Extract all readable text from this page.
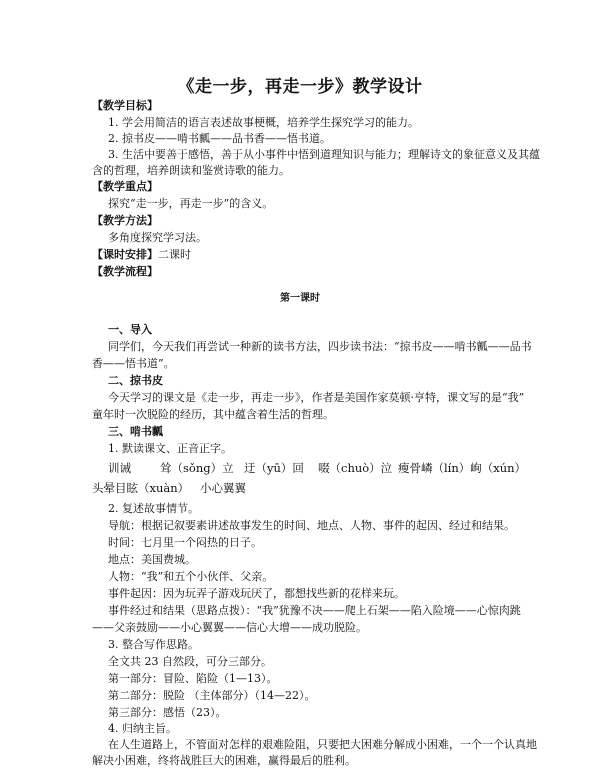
《走一步，再走一步》教学设计
【教学目标】
1. 学会用简洁的语言表述故事梗概，培养学生探究学习的能力。
2. 掠书皮——啃书瓤——品书香——悟书道。
3. 生活中要善于感悟，善于从小事件中悟到道理知识与能力；理解诗文的象征意义及其蕴
含的哲理，培养朗读和鉴赏诗歌的能力。
【教学重点】
探究“走一步，再走一步”的含义。
【教学方法】
多角度探究学习法。
【课时安排】二课时
【教学流程】
第一课时
一、导入
同学们，今天我们再尝试一种新的读书方法，四步读书法：“掠书皮——啃书瓤——品书
香——悟书道”。
二、掠书皮
今天学习的课文是《走一步，再走一步》，作者是美国作家莫顿·亨特，课文写的是“我”
童年时一次脱险的经历，其中蕴含着生活的哲理。
三、啃书瓤
1. 默读课文、正音正字。
训诫	耸（sǒnɡ）立 迂（yū）回 啜（chuò）泣 瘦骨嶙（lín）峋（xún）
头晕目眩（xuàn） 小心翼翼
2. 复述故事情节。
导航：根据记叙要素讲述故事发生的时间、地点、人物、事件的起因、经过和结果。
时间：七月里一个闷热的日子。
地点：美国费城。
人物：“我”和五个小伙伴、父亲。
事件起因：因为玩弄子游戏玩厌了，都想找些新的花样来玩。
事件经过和结果（思路点拨）：“我”犹豫不决——爬上石架——陷入险境——心惊肉跳
——父亲鼓励——小心翼翼——信心大增——成功脱险。
3. 整合写作思路。
全文共 23 自然段，可分三部分。
第一部分：冒险、陷险（1—13）。
第二部分：脱险 （主体部分）（14—22）。
第三部分：感悟（23）。
4. 归纳主旨。
在人生道路上，不管面对怎样的艰难险阻，只要把大困难分解成小困难，一个一个认真地
解决小困难，终将战胜巨大的困难，赢得最后的胜利。
